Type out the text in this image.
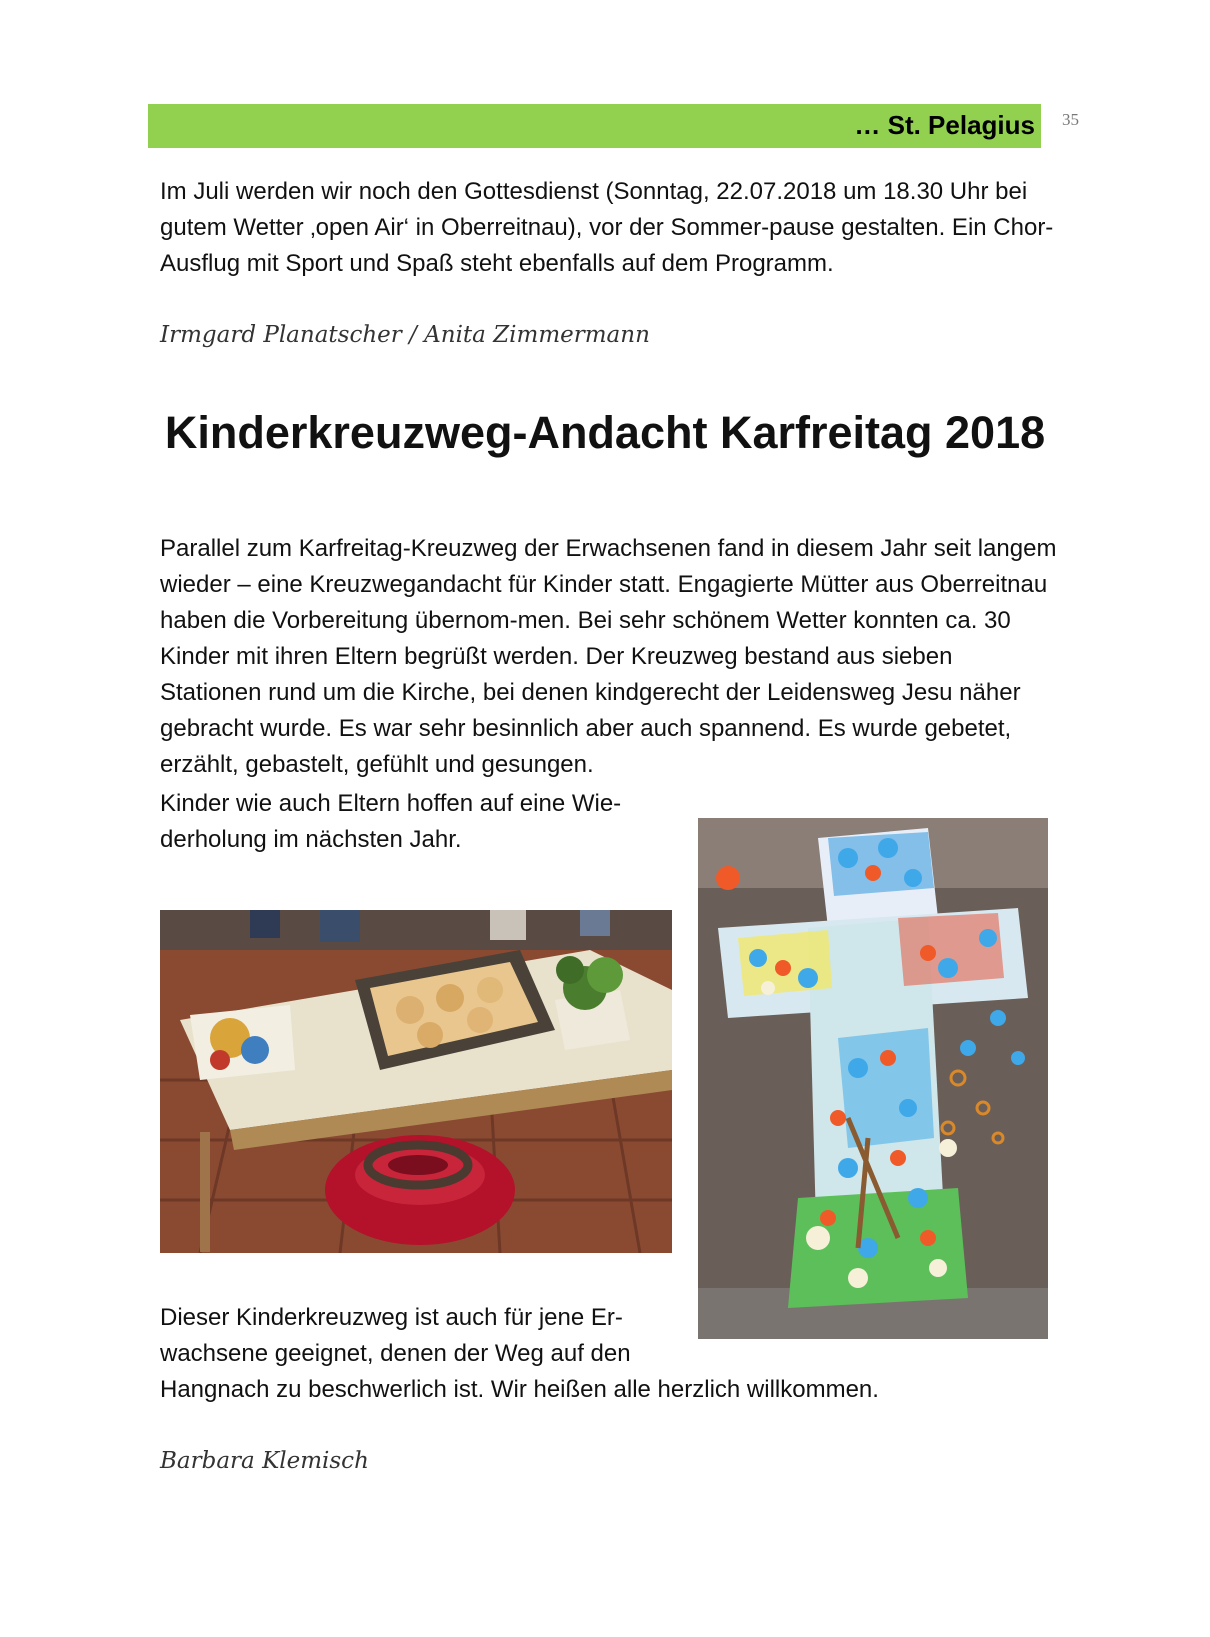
… St. Pelagius 35

Im Juli werden wir noch den Gottesdienst (Sonntag, 22.07.2018 um 18.30 Uhr bei gutem Wetter ‚open Air‘ in Oberreitnau), vor der Sommer-pause gestalten. Ein Chor-Ausflug mit Sport und Spaß steht ebenfalls auf dem Programm.

Irmgard Planatscher / Anita Zimmermann

Kinderkreuzweg-Andacht Karfreitag 2018

Parallel zum Karfreitag-Kreuzweg der Erwachsenen fand in diesem Jahr seit langem wieder – eine Kreuzwegandacht für Kinder statt. Engagierte Mütter aus Oberreitnau haben die Vorbereitung übernom-men. Bei sehr schönem Wetter konnten ca. 30 Kinder mit ihren Eltern begrüßt werden. Der Kreuzweg bestand aus sieben Stationen rund um die Kirche, bei denen kindgerecht der Leidensweg Jesu näher gebracht wurde. Es war sehr besinnlich aber auch spannend. Es wurde gebetet, erzählt, gebastelt, gefühlt und gesungen.

Kinder wie auch Eltern hoffen auf eine Wie-derholung im nächsten Jahr.

Dieser Kinderkreuzweg ist auch für jene Er-wachsene geeignet, denen der Weg auf den

Hangnach zu beschwerlich ist. Wir heißen alle herzlich willkommen.

Barbara Klemisch
